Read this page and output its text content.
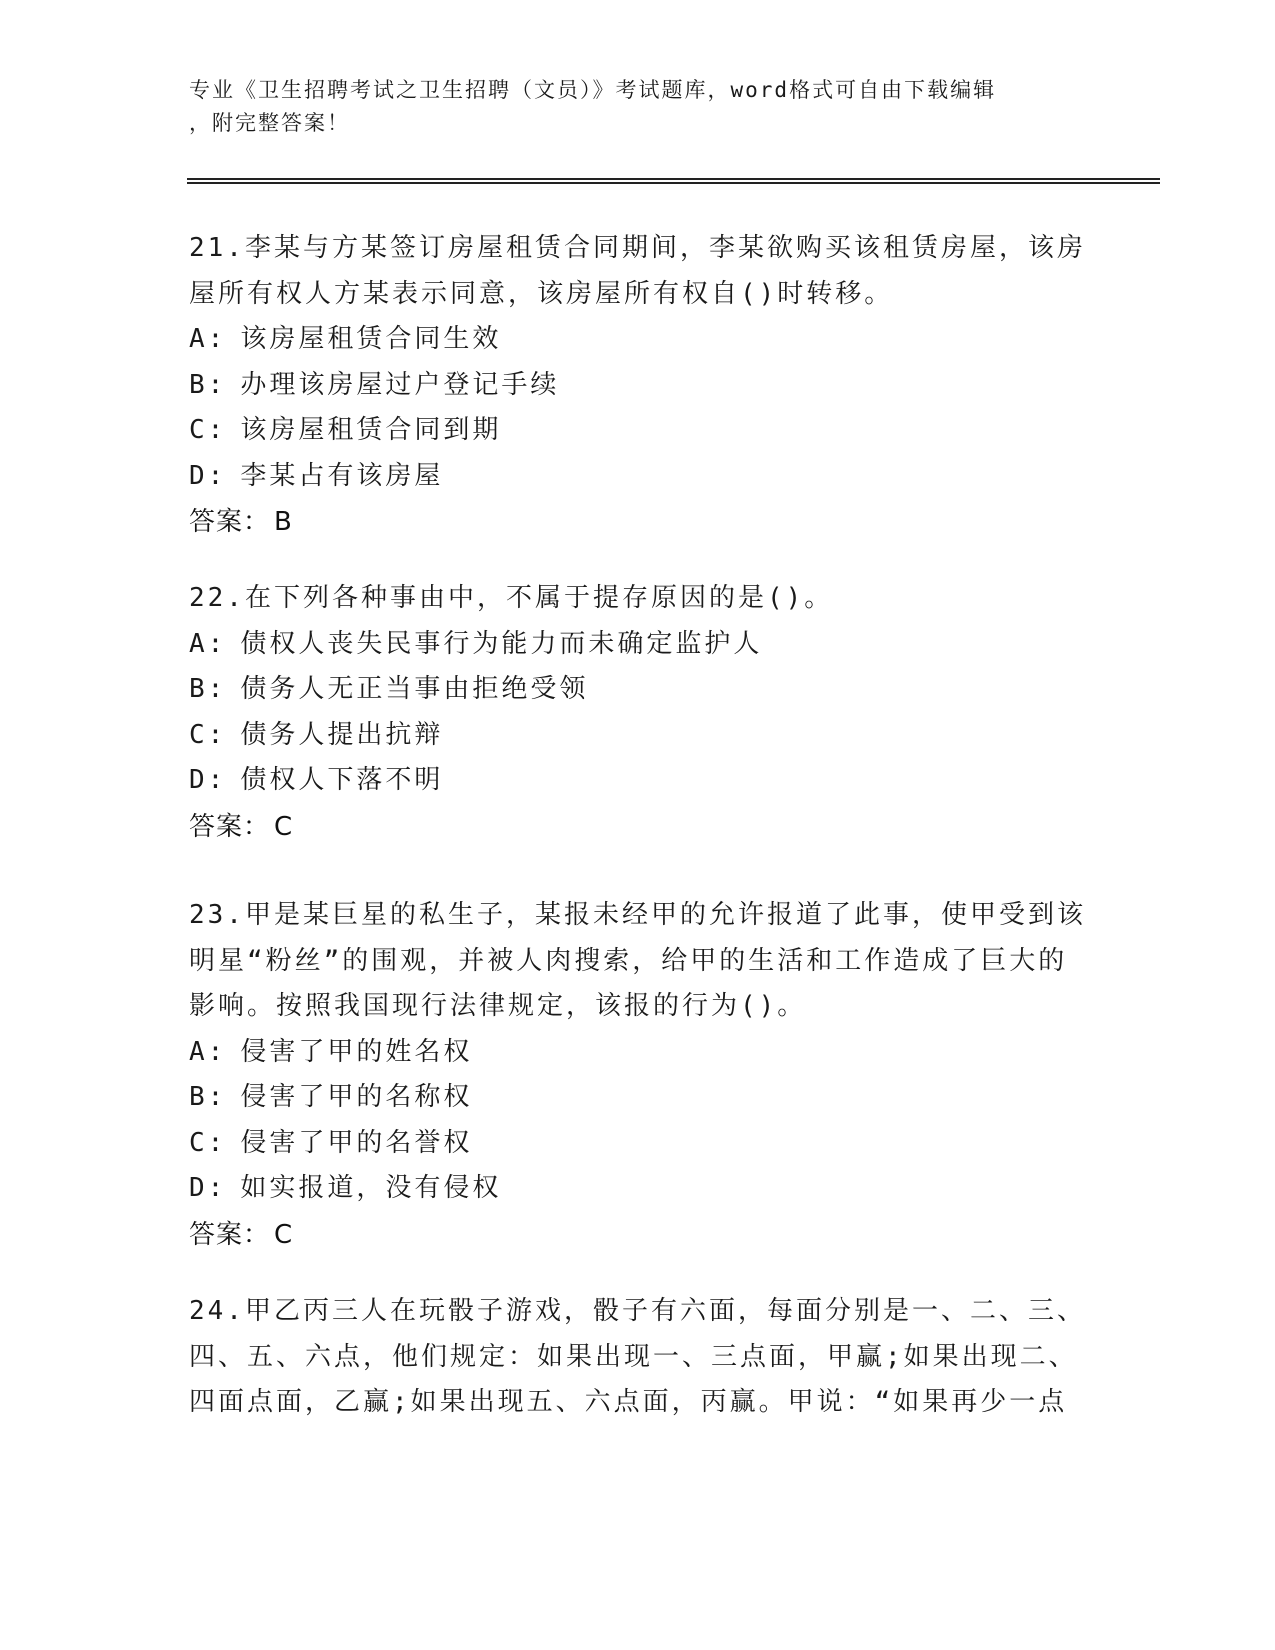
专业《卫生招聘考试之卫生招聘（文员）》考试题库，word格式可自由下载编辑
，附完整答案！

21.李某与方某签订房屋租赁合同期间，李某欲购买该租赁房屋，该房屋所有权人方某表示同意，该房屋所有权自()时转移。

A: 该房屋租赁合同生效
B: 办理该房屋过户登记手续
C: 该房屋租赁合同到期
D: 李某占有该房屋
答案： B

22.在下列各种事由中，不属于提存原因的是()。

A: 债权人丧失民事行为能力而未确定监护人
B: 债务人无正当事由拒绝受领
C: 债务人提出抗辩
D: 债权人下落不明
答案： C

23.甲是某巨星的私生子，某报未经甲的允许报道了此事，使甲受到该明星“粉丝”的围观，并被人肉搜索，给甲的生活和工作造成了巨大的影响。按照我国现行法律规定，该报的行为()。

A: 侵害了甲的姓名权
B: 侵害了甲的名称权
C: 侵害了甲的名誉权
D: 如实报道，没有侵权
答案： C

24.甲乙丙三人在玩骰子游戏，骰子有六面，每面分别是一、二、三、四、五、六点，他们规定：如果出现一、三点面，甲赢;如果出现二、四面点面，乙赢;如果出现五、六点面，丙赢。甲说：“如果再少一点
